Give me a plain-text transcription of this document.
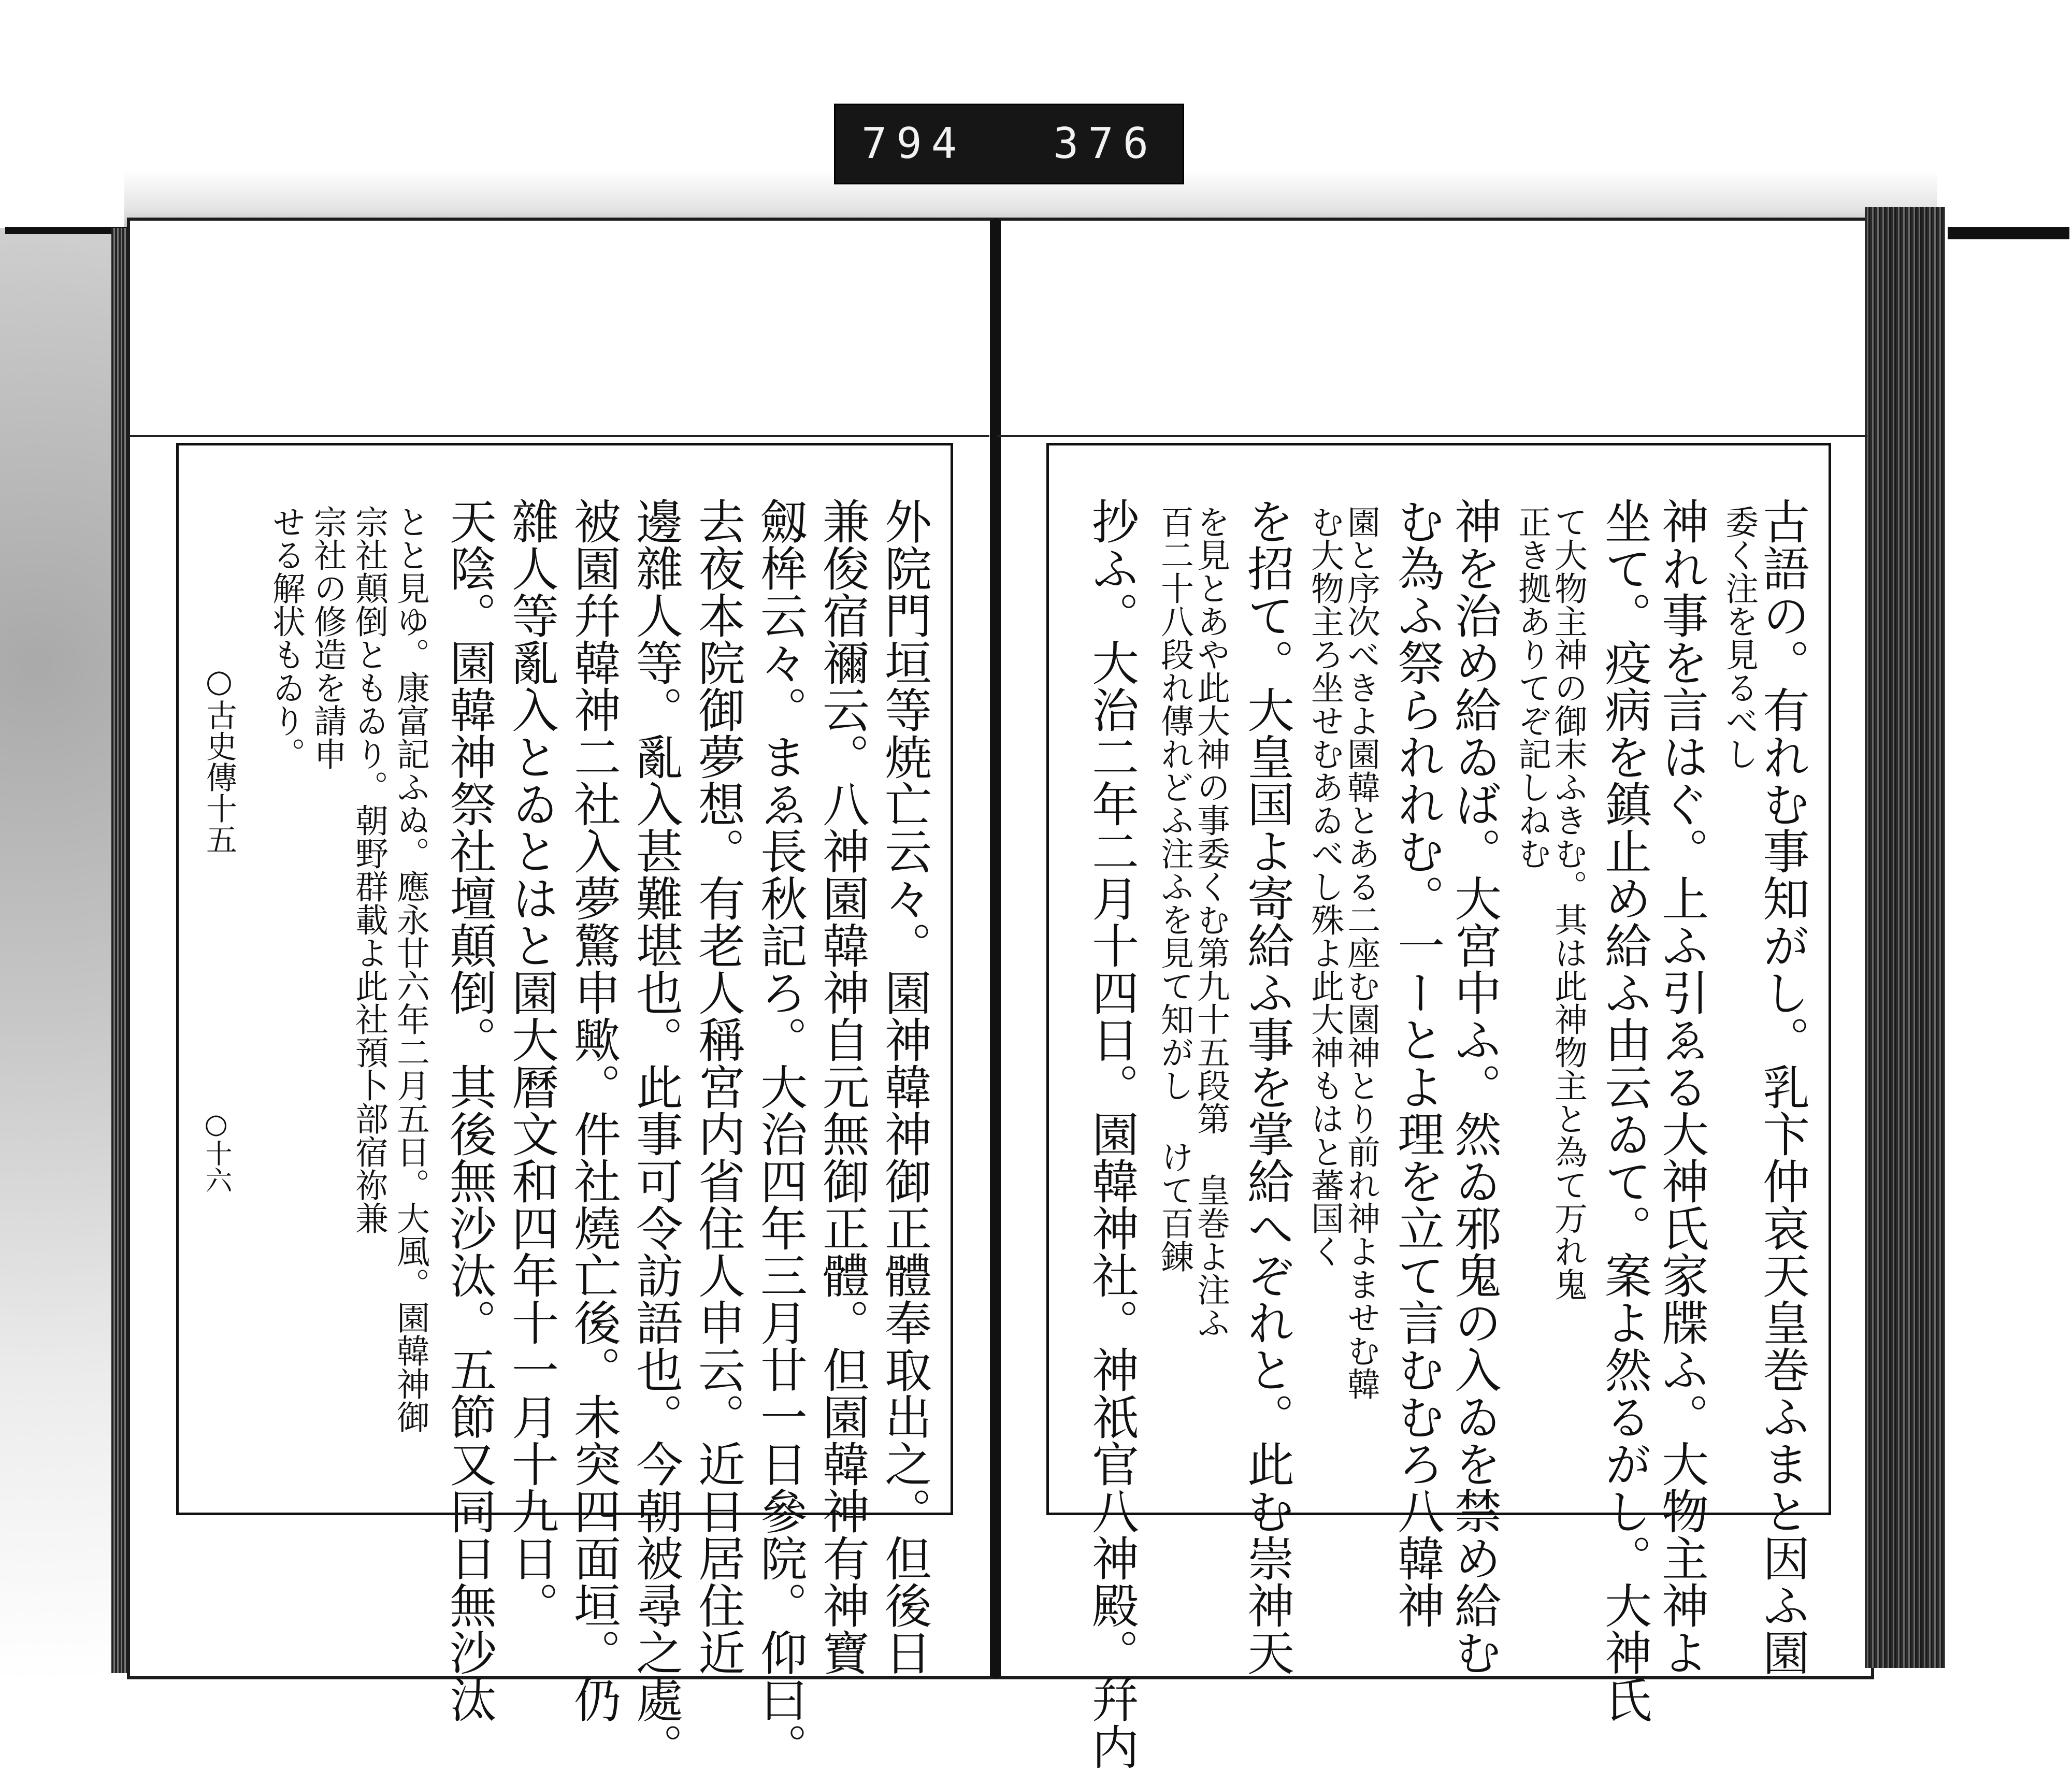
794 376
古語の。有れむ事知がし。乳卞仲哀天皇巻ふまと因ふ園
委く注を見るべし
神れ事を言はぐ。上ふ引ゑる大神氏家牒ふ。大物主神よ
坐て。疫病を鎮止め給ふ由云ゐて。案よ然るがし。大神氏
て大物主神の御末ふきむ。其は此神物主と為て万れ鬼
正き拠ありてぞ記しねむ
神を治め給ゐば。大宮中ふ。然ゐ邪鬼の入ゐを禁め給む
む為ふ祭られれむ。一ーとよ理を立て言むむろ八韓神
園と序次べきよ園韓とある二座む園神とり前れ神よませむ韓
む大物主ろ坐せむあゐべし殊よ此大神もはと蕃国く
を招て。大皇国よ寄給ふ事を掌給へぞれと。此む崇神天
を見とあや此大神の事委くむ第九十五段第 皇巻よ注ふ
百二十八段れ傳れどふ注ふを見て知がし けて百錬
抄ふ。大治二年二月十四日。園韓神社。神祇官八神殿。幷内
外院門垣等焼亡云々。園神韓神御正體奉取出之。但後日
兼俊宿禰云。八神園韓神自元無御正體。但園韓神有神寶
劔桙云々。まゑ長秋記ろ。大治四年三月廿一日參院。仰曰。
去夜本院御夢想。有老人稱宮内省住人申云。近日居住近
邊雜人等。亂入甚難堪也。此事可令訪語也。今朝被尋之處。
被園幷韓神二社入夢驚申歟。件社燒亡後。未突四面垣。仍
雜人等亂入とゐとはと園大曆文和四年十一月十九日。
天陰。園韓神祭社壇顛倒。其後無沙汰。五節又同日無沙汰
とと見ゆ。康富記ふぬ。應永廿六年二月五日。大風。園韓神御
宗社顛倒ともゐり。朝野群載よ此社預卜部宿祢兼
宗社の修造を請申
せる解状もゐり。
○古史傳十五
○十六
